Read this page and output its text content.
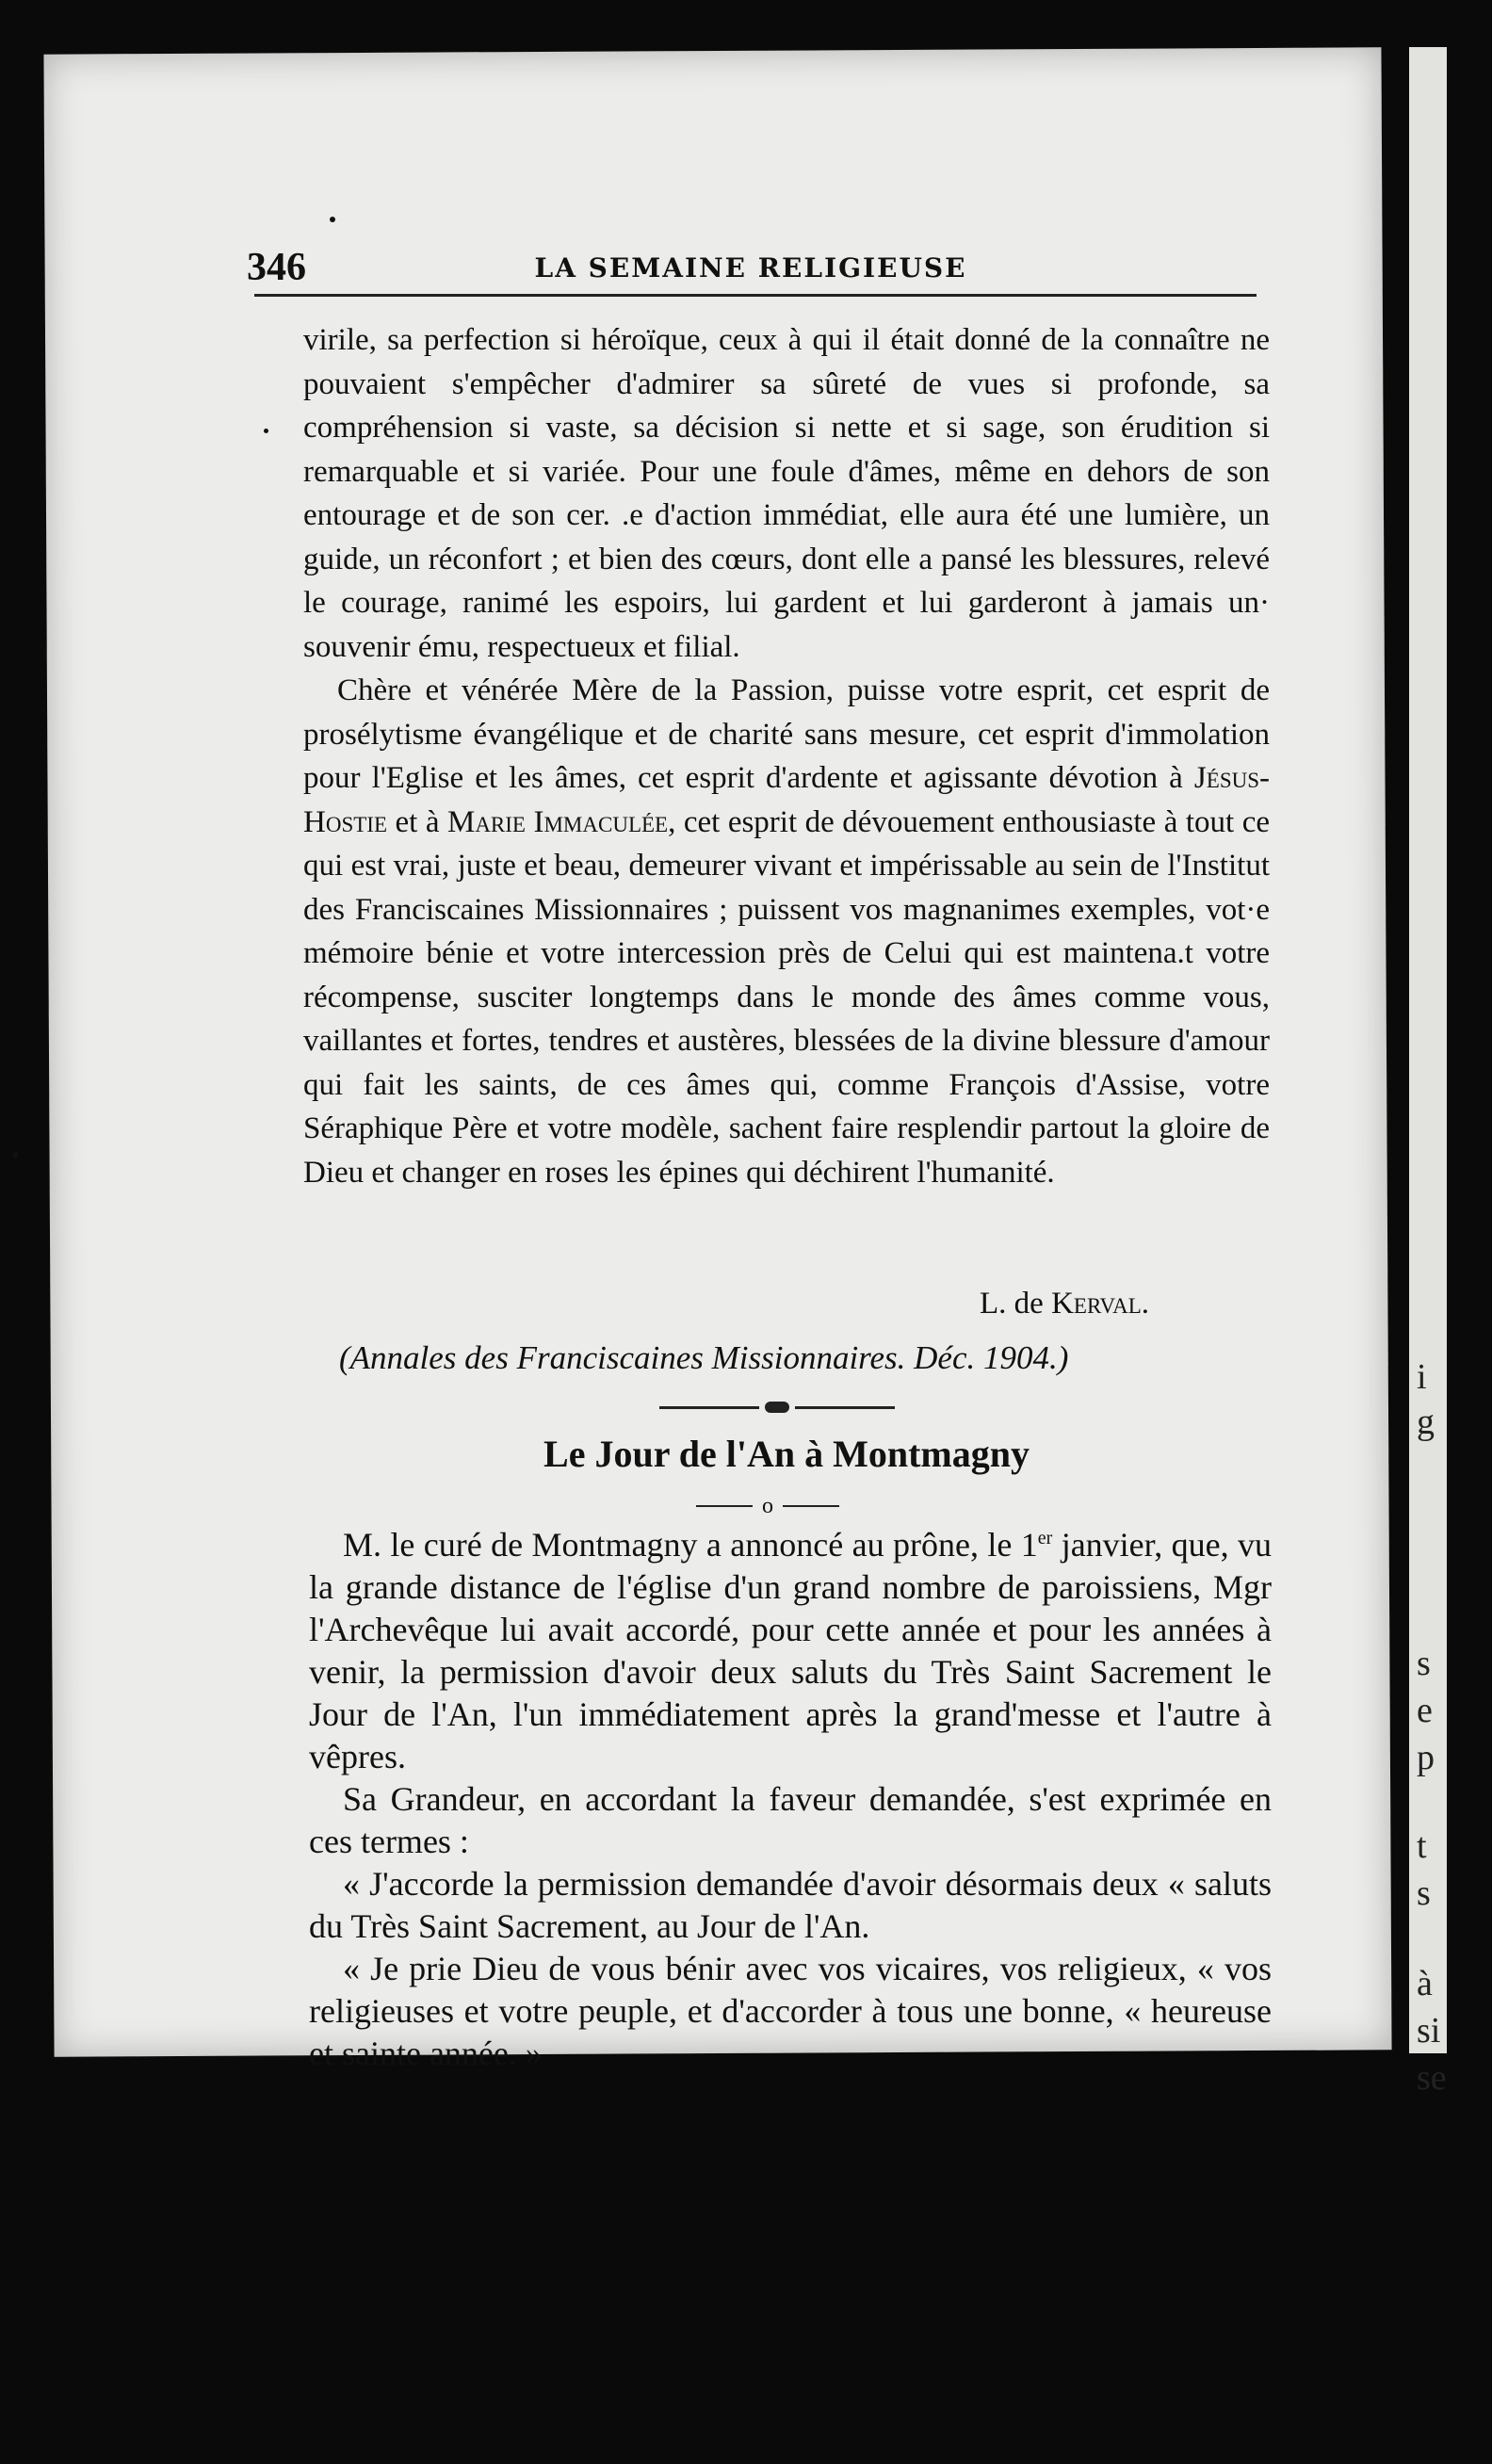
i
g
s
e
p
t
s
à
si
se
346	LA SEMAINE RELIGIEUSE

virile, sa perfection si héroïque, ceux à qui il était donné de la connaître ne pouvaient s'empêcher d'admirer sa sûreté de vues si profonde, sa compréhension si vaste, sa décision si nette et si sage, son érudition si remarquable et si variée. Pour une foule d'âmes, même en dehors de son entourage et de son cer. .e d'action immédiat, elle aura été une lumière, un guide, un réconfort ; et bien des cœurs, dont elle a pansé les blessures, relevé le courage, ranimé les espoirs, lui gardent et lui garderont à jamais un· souvenir ému, respectueux et filial.

Chère et vénérée Mère de la Passion, puisse votre esprit, cet esprit de prosélytisme évangélique et de charité sans mesure, cet esprit d'immolation pour l'Eglise et les âmes, cet esprit d'ardente et agissante dévotion à Jésus-Hostie et à Marie Immaculée, cet esprit de dévouement enthousiaste à tout ce qui est vrai, juste et beau, demeurer vivant et impérissable au sein de l'Institut des Franciscaines Missionnaires ; puissent vos magnanimes exemples, vot·e mémoire bénie et votre intercession près de Celui qui est maintena.t votre récompense, susciter longtemps dans le monde des âmes comme vous, vaillantes et fortes, tendres et austères, blessées de la divine blessure d'amour qui fait les saints, de ces âmes qui, comme François d'Assise, votre Séraphique Père et votre modèle, sachent faire resplendir partout la gloire de Dieu et changer en roses les épines qui déchirent l'humanité.

L. de Kerval.
(Annales des Franciscaines Missionnaires. Déc. 1904.)
Le Jour de l'An à Montmagny
o

M. le curé de Montmagny a annoncé au prône, le 1er janvier, que, vu la grande distance de l'église d'un grand nombre de paroissiens, Mgr l'Archevêque lui avait accordé, pour cette année et pour les années à venir, la permission d'avoir deux saluts du Très Saint Sacrement le Jour de l'An, l'un immédiatement après la grand'messe et l'autre à vêpres.

Sa Grandeur, en accordant la faveur demandée, s'est exprimée en ces termes :

« J'accorde la permission demandée d'avoir désormais deux « saluts du Très Saint Sacrement, au Jour de l'An.

« Je prie Dieu de vous bénir avec vos vicaires, vos religieux, « vos religieuses et votre peuple, et d'accorder à tous une bonne, « heureuse et sainte année. »
